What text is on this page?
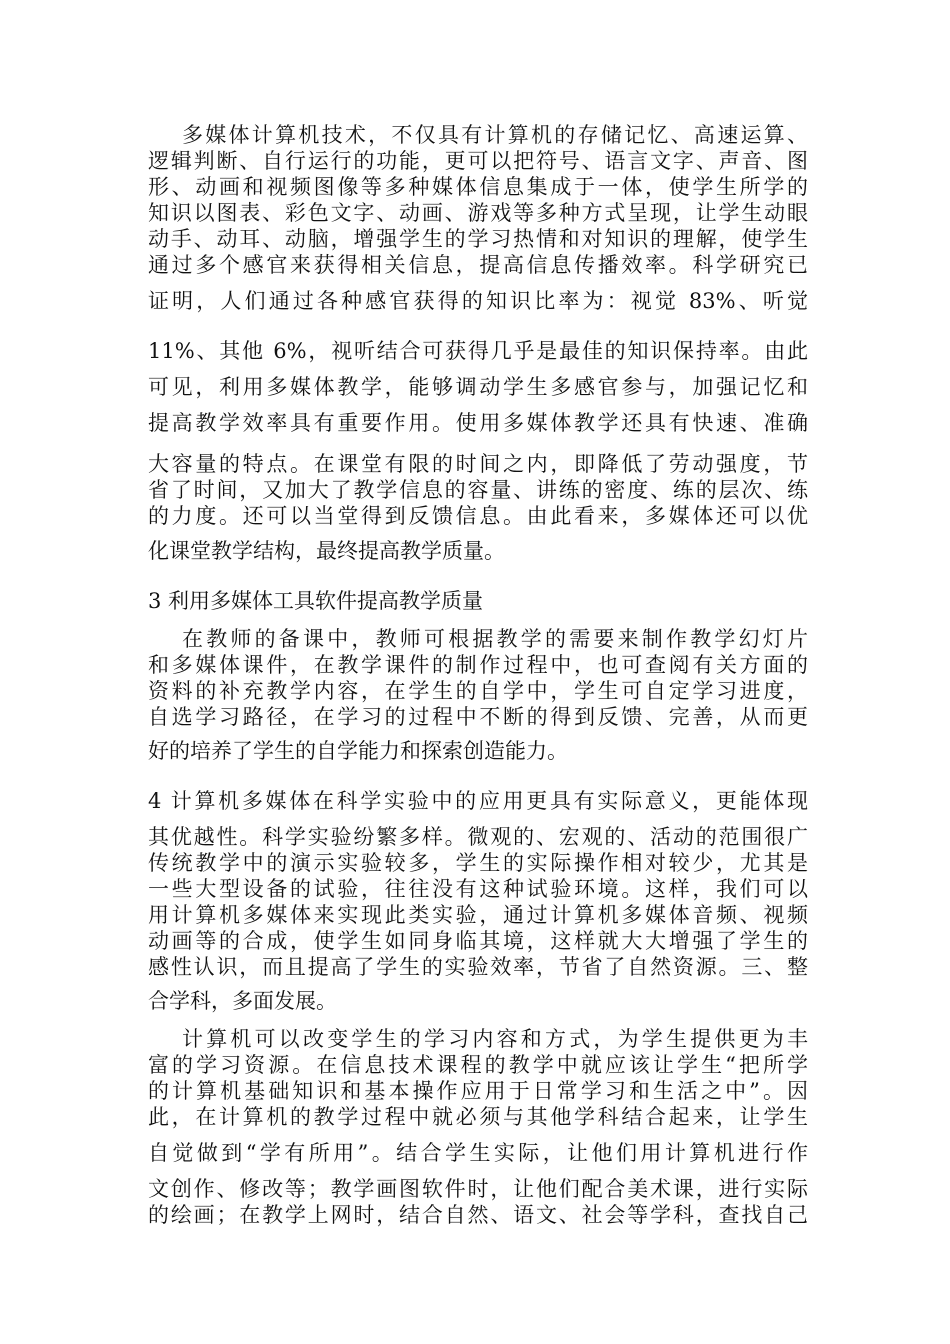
多媒体计算机技术，不仅具有计算机的存储记忆、高速运算、
逻辑判断、自行运行的功能，更可以把符号、语言文字、声音、图
形、动画和视频图像等多种媒体信息集成于一体，使学生所学的
知识以图表、彩色文字、动画、游戏等多种方式呈现，让学生动眼
动手、动耳、动脑，增强学生的学习热情和对知识的理解，使学生
通过多个感官来获得相关信息，提高信息传播效率。科学研究已
证明，人们通过各种感官获得的知识比率为：视觉 83%、听觉
11%、其他 6%，视听结合可获得几乎是最佳的知识保持率。由此
可见，利用多媒体教学，能够调动学生多感官参与，加强记忆和
提高教学效率具有重要作用。使用多媒体教学还具有快速、准确
大容量的特点。在课堂有限的时间之内，即降低了劳动强度，节
省了时间，又加大了教学信息的容量、讲练的密度、练的层次、练
的力度。还可以当堂得到反馈信息。由此看来，多媒体还可以优
化课堂教学结构，最终提高教学质量。
3 利用多媒体工具软件提高教学质量
在教师的备课中，教师可根据教学的需要来制作教学幻灯片
和多媒体课件，在教学课件的制作过程中，也可查阅有关方面的
资料的补充教学内容，在学生的自学中，学生可自定学习进度，
自选学习路径，在学习的过程中不断的得到反馈、完善，从而更
好的培养了学生的自学能力和探索创造能力。
4 计算机多媒体在科学实验中的应用更具有实际意义，更能体现
其优越性。科学实验纷繁多样。微观的、宏观的、活动的范围很广
传统教学中的演示实验较多，学生的实际操作相对较少，尤其是
一些大型设备的试验，往往没有这种试验环境。这样，我们可以
用计算机多媒体来实现此类实验，通过计算机多媒体音频、视频
动画等的合成，使学生如同身临其境，这样就大大增强了学生的
感性认识，而且提高了学生的实验效率，节省了自然资源。三、整
合学科，多面发展。
计算机可以改变学生的学习内容和方式，为学生提供更为丰
富的学习资源。在信息技术课程的教学中就应该让学生“把所学
的计算机基础知识和基本操作应用于日常学习和生活之中”。因
此，在计算机的教学过程中就必须与其他学科结合起来，让学生
自觉做到“学有所用”。结合学生实际，让他们用计算机进行作
文创作、修改等；教学画图软件时，让他们配合美术课，进行实际
的绘画；在教学上网时，结合自然、语文、社会等学科，查找自己
